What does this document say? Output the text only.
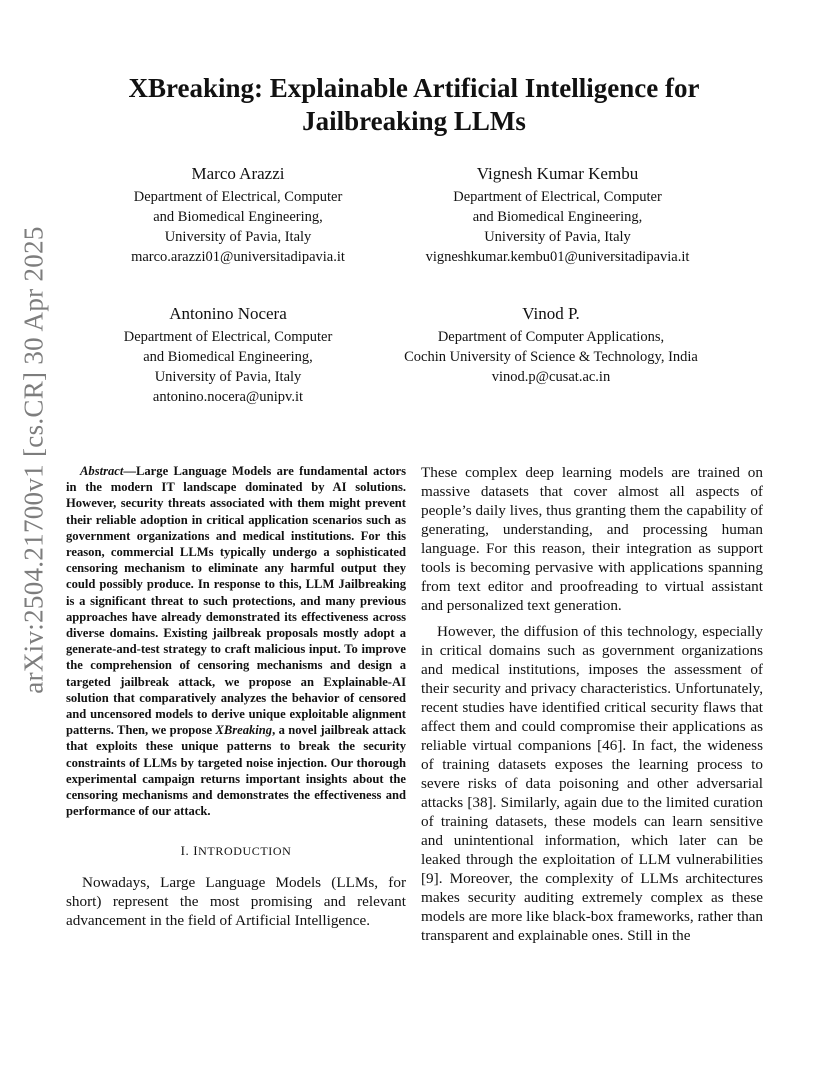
arXiv:2504.21700v1 [cs.CR] 30 Apr 2025
XBreaking: Explainable Artificial Intelligence for
Jailbreaking LLMs
Marco Arazzi
Department of Electrical, Computer
and Biomedical Engineering,
University of Pavia, Italy
marco.arazzi01@universitadipavia.it
Vignesh Kumar Kembu
Department of Electrical, Computer
and Biomedical Engineering,
University of Pavia, Italy
vigneshkumar.kembu01@universitadipavia.it
Antonino Nocera
Department of Electrical, Computer
and Biomedical Engineering,
University of Pavia, Italy
antonino.nocera@unipv.it
Vinod P.
Department of Computer Applications,
Cochin University of Science & Technology, India
vinod.p@cusat.ac.in

Abstract—Large Language Models are fundamental actors in the modern IT landscape dominated by AI solutions. However, security threats associated with them might prevent their reliable adoption in critical application scenarios such as government organizations and medical institutions. For this reason, commercial LLMs typically undergo a sophisticated censoring mechanism to eliminate any harmful output they could possibly produce. In response to this, LLM Jailbreaking is a significant threat to such protections, and many previous approaches have already demonstrated its effectiveness across diverse domains. Existing jailbreak proposals mostly adopt a generate-and-test strategy to craft malicious input. To improve the comprehension of censoring mechanisms and design a targeted jailbreak attack, we propose an Explainable-AI solution that comparatively analyzes the behavior of censored and uncensored models to derive unique exploitable alignment patterns. Then, we propose XBreaking, a novel jailbreak attack that exploits these unique patterns to break the security constraints of LLMs by targeted noise injection. Our thorough experimental campaign returns important insights about the censoring mechanisms and demonstrates the effectiveness and performance of our attack.

I. INTRODUCTION

Nowadays, Large Language Models (LLMs, for short) represent the most promising and relevant advancement in the field of Artificial Intelligence.

These complex deep learning models are trained on massive datasets that cover almost all aspects of people’s daily lives, thus granting them the capability of generating, understanding, and processing human language. For this reason, their integration as support tools is becoming pervasive with applications spanning from text editor and proofreading to virtual assistant and personalized text generation.

However, the diffusion of this technology, especially in critical domains such as government organizations and medical institutions, imposes the assessment of their security and privacy characteristics. Unfortunately, recent studies have identified critical security flaws that affect them and could compromise their applications as reliable virtual companions [46]. In fact, the wideness of training datasets exposes the learning process to severe risks of data poisoning and other adversarial attacks [38]. Similarly, again due to the limited curation of training datasets, these models can learn sensitive and unintentional information, which later can be leaked through the exploitation of LLM vulnerabilities [9]. Moreover, the complexity of LLMs architectures makes security auditing extremely complex as these models are more like black-box frameworks, rather than transparent and explainable ones. Still in the
